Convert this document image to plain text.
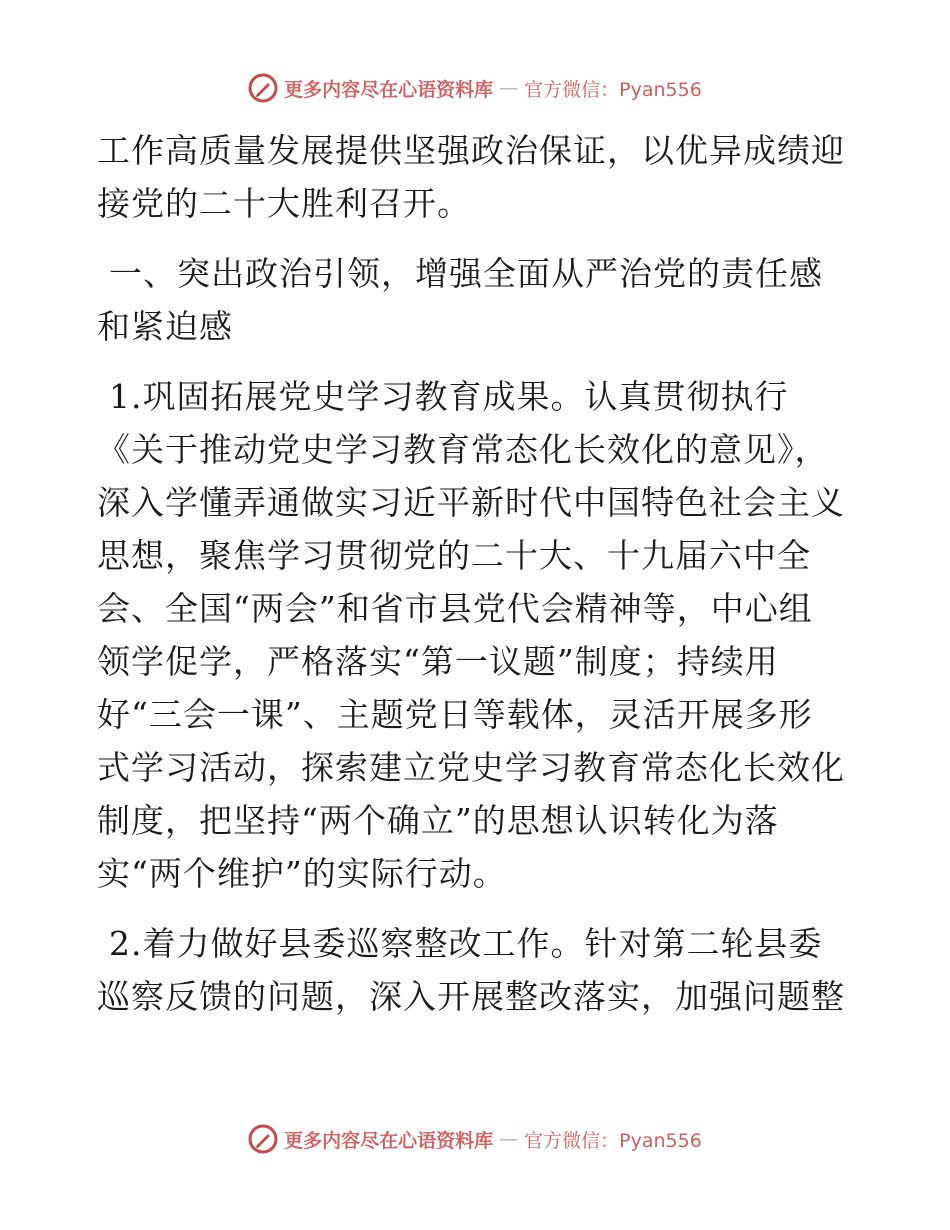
更多内容尽在心语资料库 — 官方微信：Pyan556
工作高质量发展提供坚强政治保证，以优异成绩迎
接党的二十大胜利召开。
一、突出政治引领，增强全面从严治党的责任感
和紧迫感
1.巩固拓展党史学习教育成果。认真贯彻执行
《关于推动党史学习教育常态化长效化的意见》，
深入学懂弄通做实习近平新时代中国特色社会主义
思想，聚焦学习贯彻党的二十大、十九届六中全
会、全国“两会”和省市县党代会精神等，中心组
领学促学，严格落实“第一议题”制度；持续用
好“三会一课”、主题党日等载体，灵活开展多形
式学习活动，探索建立党史学习教育常态化长效化
制度，把坚持“两个确立”的思想认识转化为落
实“两个维护”的实际行动。
2.着力做好县委巡察整改工作。针对第二轮县委
巡察反馈的问题，深入开展整改落实，加强问题整
更多内容尽在心语资料库 — 官方微信：Pyan556
